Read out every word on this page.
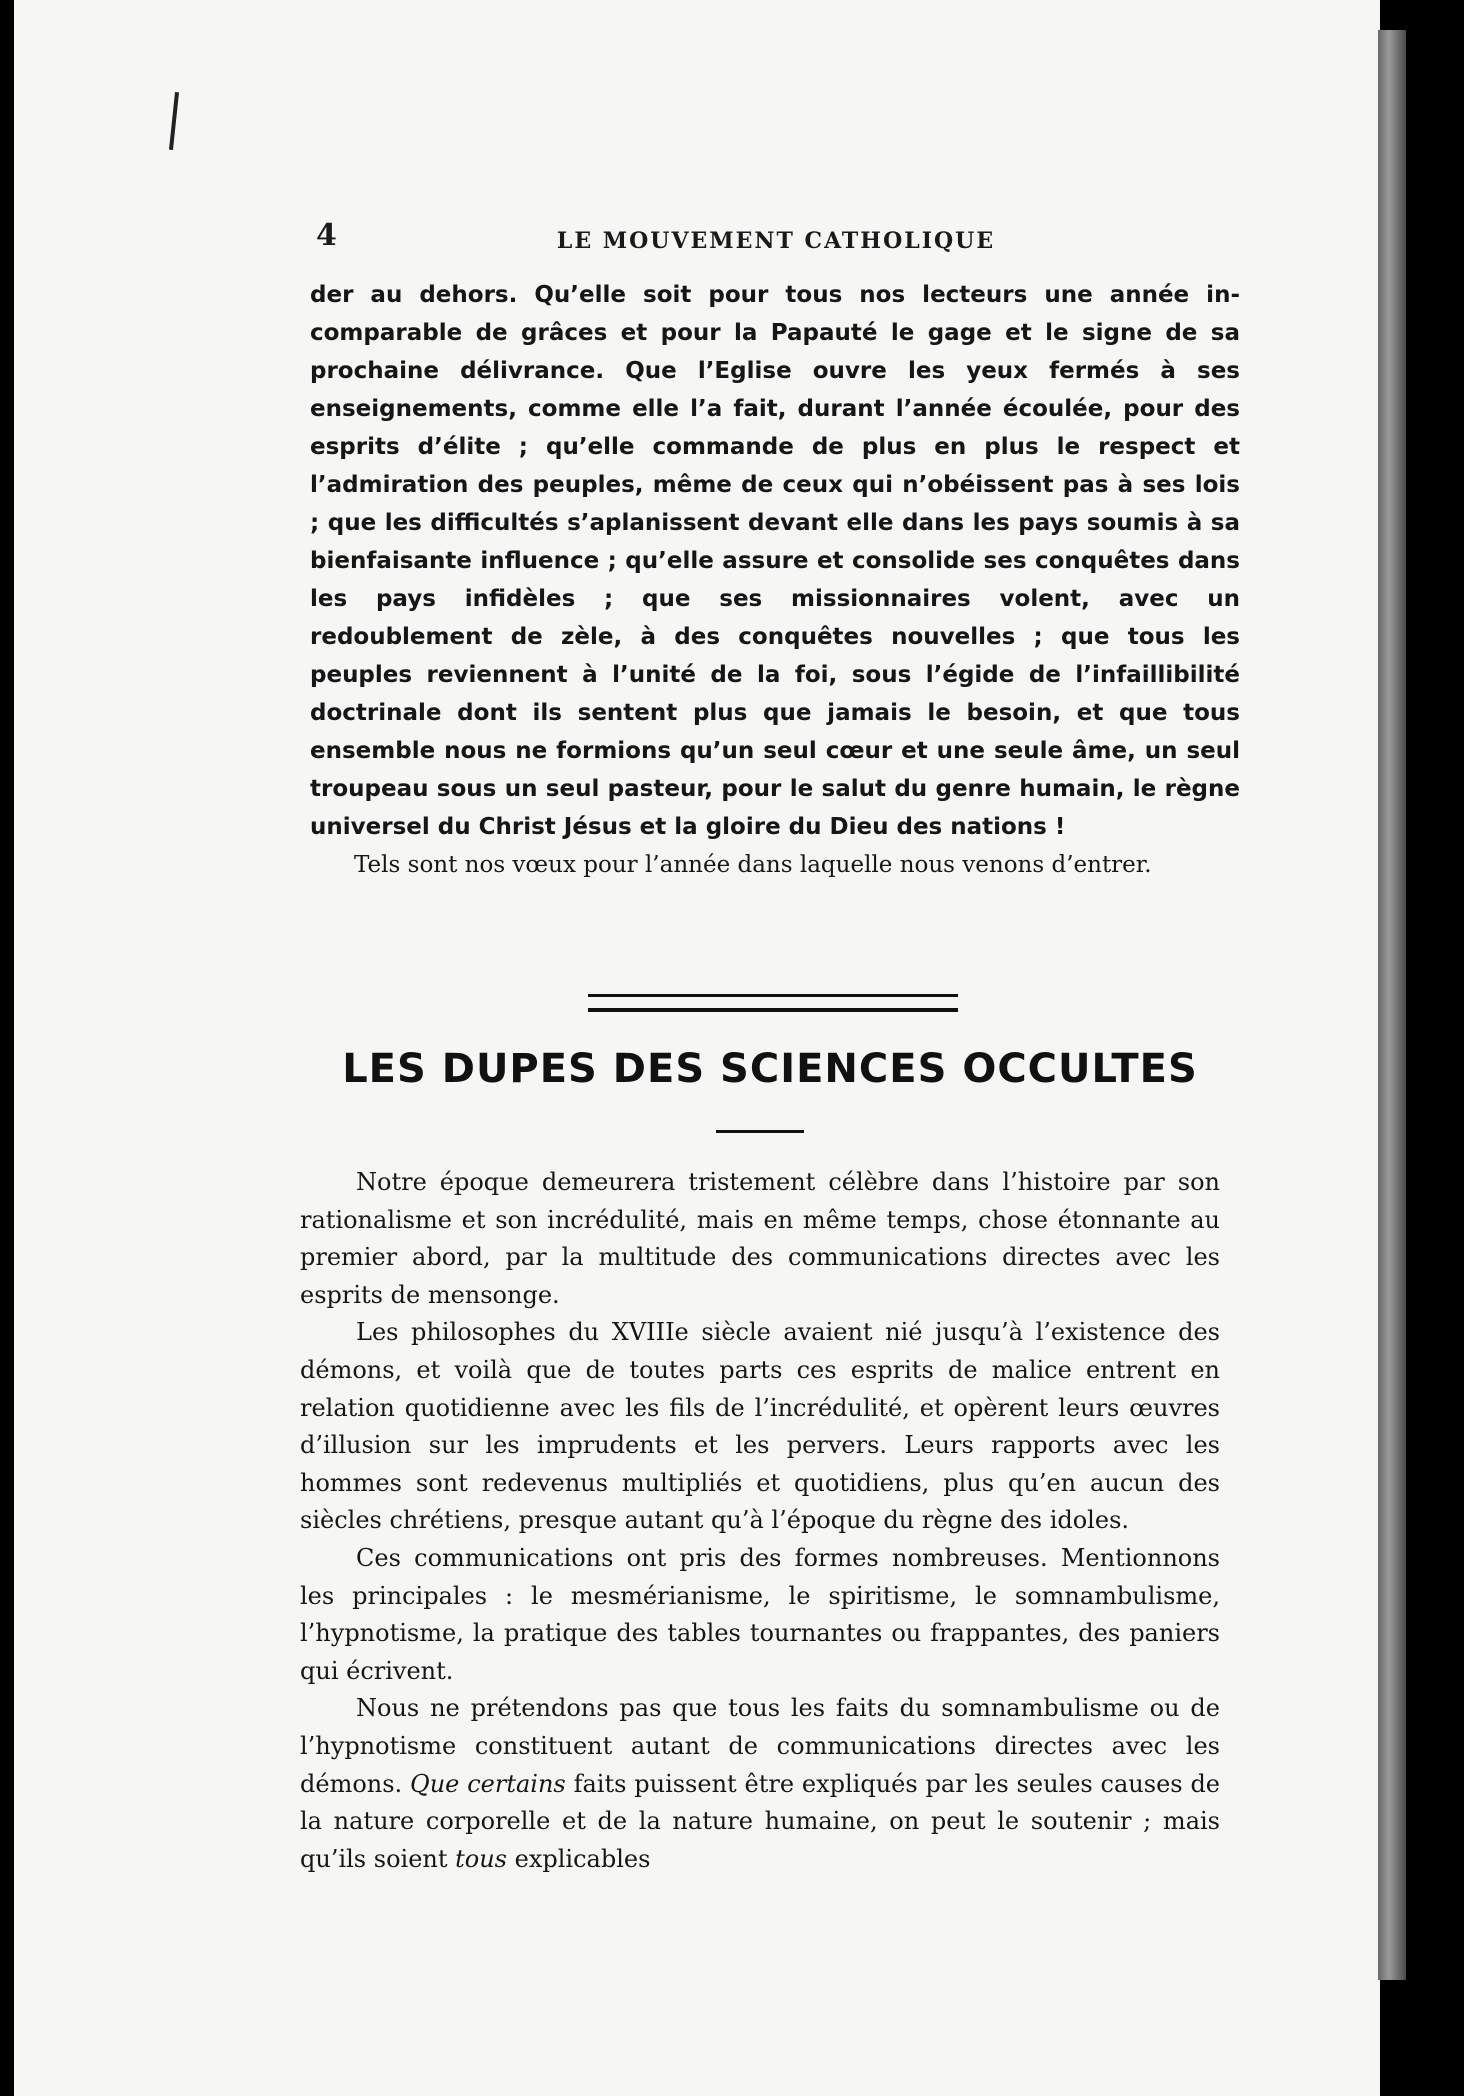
4	LE MOUVEMENT CATHOLIQUE

der au dehors. Qu’elle soit pour tous nos lecteurs une année in-comparable de grâces et pour la Papauté le gage et le signe de sa prochaine délivrance. Que l’Eglise ouvre les yeux fermés à ses enseignements, comme elle l’a fait, durant l’année écoulée, pour des esprits d’élite ; qu’elle commande de plus en plus le respect et l’admiration des peuples, même de ceux qui n’obéissent pas à ses lois ; que les difficultés s’aplanissent devant elle dans les pays soumis à sa bienfaisante influence ; qu’elle assure et consolide ses conquêtes dans les pays infidèles ; que ses missionnaires volent, avec un redoublement de zèle, à des conquêtes nouvelles ; que tous les peuples reviennent à l’unité de la foi, sous l’égide de l’infaillibilité doctrinale dont ils sentent plus que jamais le besoin, et que tous ensemble nous ne formions qu’un seul cœur et une seule âme, un seul troupeau sous un seul pasteur, pour le salut du genre humain, le règne universel du Christ Jésus et la gloire du Dieu des nations !

Tels sont nos vœux pour l’année dans laquelle nous venons d’entrer.

LES DUPES DES SCIENCES OCCULTES

Notre époque demeurera tristement célèbre dans l’histoire par son rationalisme et son incrédulité, mais en même temps, chose étonnante au premier abord, par la multitude des communications directes avec les esprits de mensonge.

Les philosophes du XVIIIe siècle avaient nié jusqu’à l’existence des démons, et voilà que de toutes parts ces esprits de malice entrent en relation quotidienne avec les fils de l’incrédulité, et opèrent leurs œuvres d’illusion sur les imprudents et les pervers. Leurs rapports avec les hommes sont redevenus multipliés et quotidiens, plus qu’en aucun des siècles chrétiens, presque autant qu’à l’époque du règne des idoles.

Ces communications ont pris des formes nombreuses. Mentionnons les principales : le mesmérianisme, le spiritisme, le somnambulisme, l’hypnotisme, la pratique des tables tournantes ou frappantes, des paniers qui écrivent.

Nous ne prétendons pas que tous les faits du somnambulisme ou de l’hypnotisme constituent autant de communications directes avec les démons. Que certains faits puissent être expliqués par les seules causes de la nature corporelle et de la nature humaine, on peut le soutenir ; mais qu’ils soient tous explicables
